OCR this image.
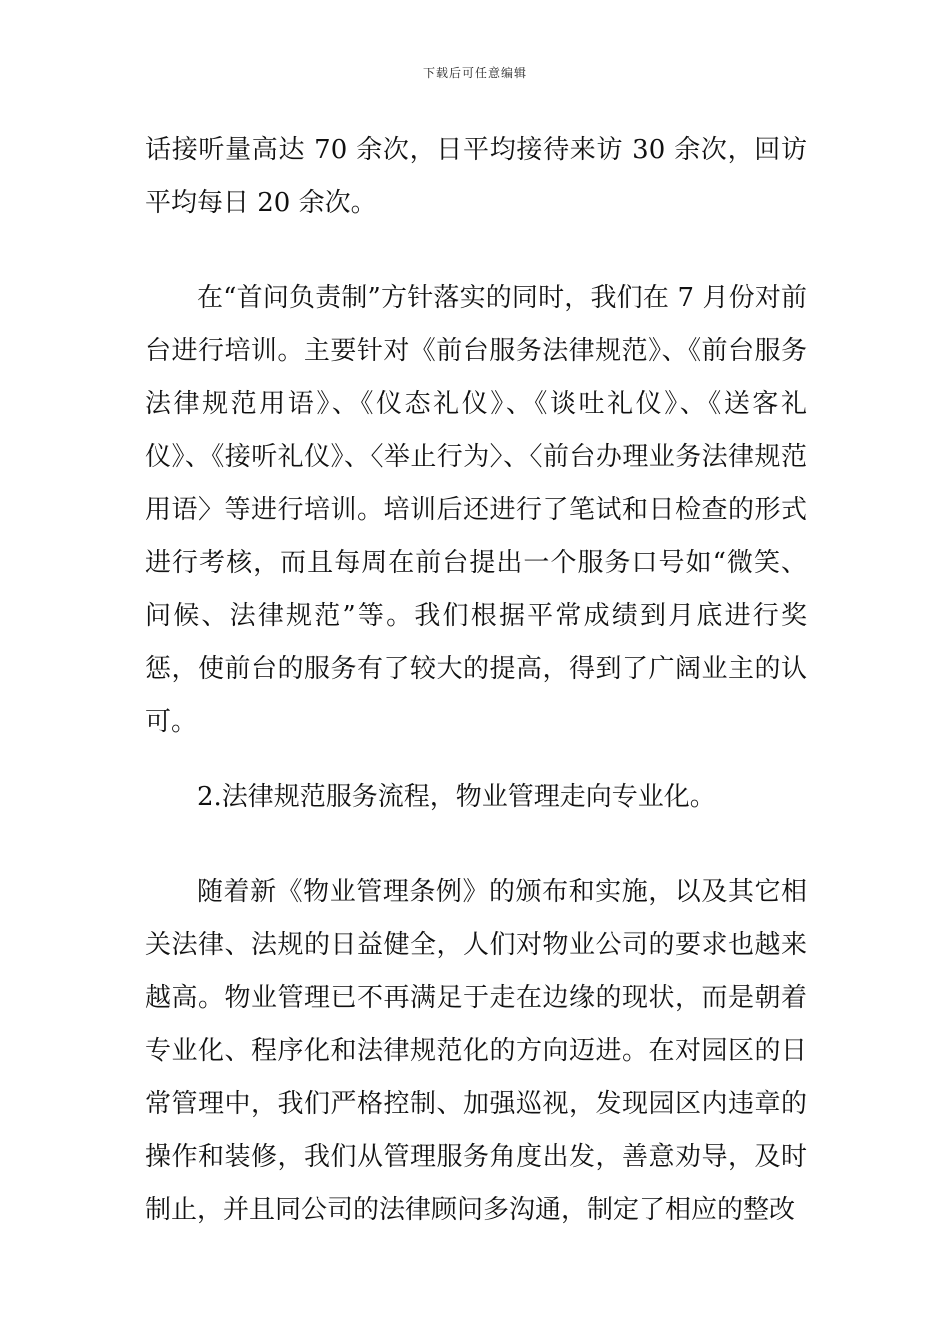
下载后可任意编辑

话接听量高达 70 余次，日平均接待来访 30 余次，回访平均每日 20 余次。

在“首问负责制”方针落实的同时，我们在 7 月份对前台进行培训。主要针对《前台服务法律规范》、《前台服务法律规范用语》、《仪态礼仪》、《谈吐礼仪》、《送客礼仪》、《接听礼仪》、〈举止行为〉、〈前台办理业务法律规范用语〉等进行培训。培训后还进行了笔试和日检查的形式进行考核，而且每周在前台提出一个服务口号如“微笑、问候、法律规范”等。我们根据平常成绩到月底进行奖惩，使前台的服务有了较大的提高，得到了广阔业主的认可。

2.法律规范服务流程，物业管理走向专业化。

随着新《物业管理条例》的颁布和实施，以及其它相关法律、法规的日益健全，人们对物业公司的要求也越来越高。物业管理已不再满足于走在边缘的现状，而是朝着专业化、程序化和法律规范化的方向迈进。在对园区的日常管理中，我们严格控制、加强巡视，发现园区内违章的操作和装修，我们从管理服务角度出发，善意劝导，及时制止，并且同公司的法律顾问多沟通，制定了相应的整改
